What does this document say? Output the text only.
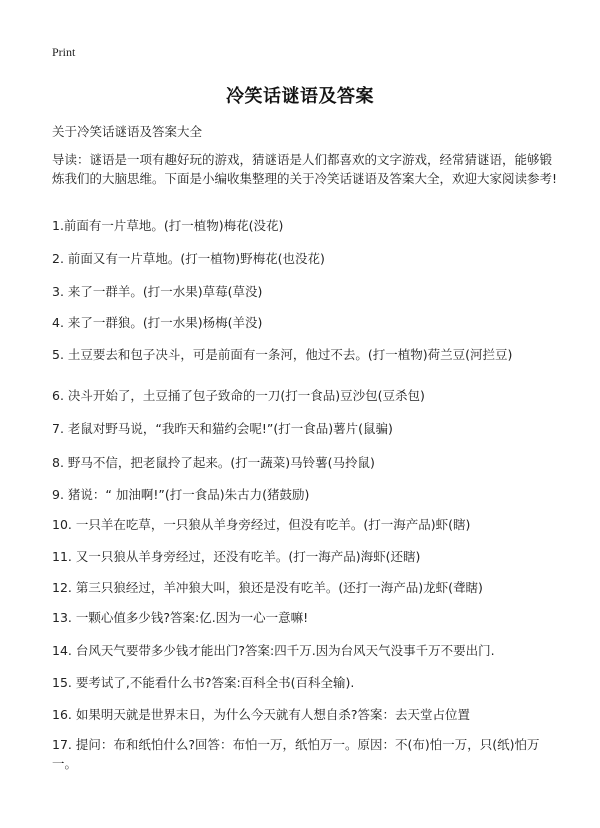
Print
冷笑话谜语及答案
关于冷笑话谜语及答案大全
导读：谜语是一项有趣好玩的游戏，猜谜语是人们都喜欢的文字游戏，经常猜谜语，能够锻炼我们的大脑思维。下面是小编收集整理的关于冷笑话谜语及答案大全，欢迎大家阅读参考!
1.前面有一片草地。(打一植物)梅花(没花)
2. 前面又有一片草地。(打一植物)野梅花(也没花)
3. 来了一群羊。(打一水果)草莓(草没)
4. 来了一群狼。(打一水果)杨梅(羊没)
5. 土豆要去和包子决斗，可是前面有一条河，他过不去。(打一植物)荷兰豆(河拦豆)
6. 决斗开始了，土豆捅了包子致命的一刀(打一食品)豆沙包(豆杀包)
7. 老鼠对野马说，“我昨天和猫约会呢!”(打一食品)薯片(鼠骗)
8. 野马不信，把老鼠拎了起来。(打一蔬菜)马铃薯(马拎鼠)
9. 猪说：“ 加油啊!”(打一食品)朱古力(猪鼓励)
10. 一只羊在吃草，一只狼从羊身旁经过，但没有吃羊。(打一海产品)虾(瞎)
11. 又一只狼从羊身旁经过，还没有吃羊。(打一海产品)海虾(还瞎)
12. 第三只狼经过，羊冲狼大叫，狼还是没有吃羊。(还打一海产品)龙虾(聋瞎)
13. 一颗心值多少钱?答案:亿.因为一心一意嘛!
14. 台风天气要带多少钱才能出门?答案:四千万.因为台风天气没事千万不要出门.
15. 要考试了,不能看什么书?答案:百科全书(百科全输).
16. 如果明天就是世界末日，为什么今天就有人想自杀?答案：去天堂占位置
17. 提问：布和纸怕什么?回答：布怕一万，纸怕万一。原因：不(布)怕一万，只(纸)怕万一。
